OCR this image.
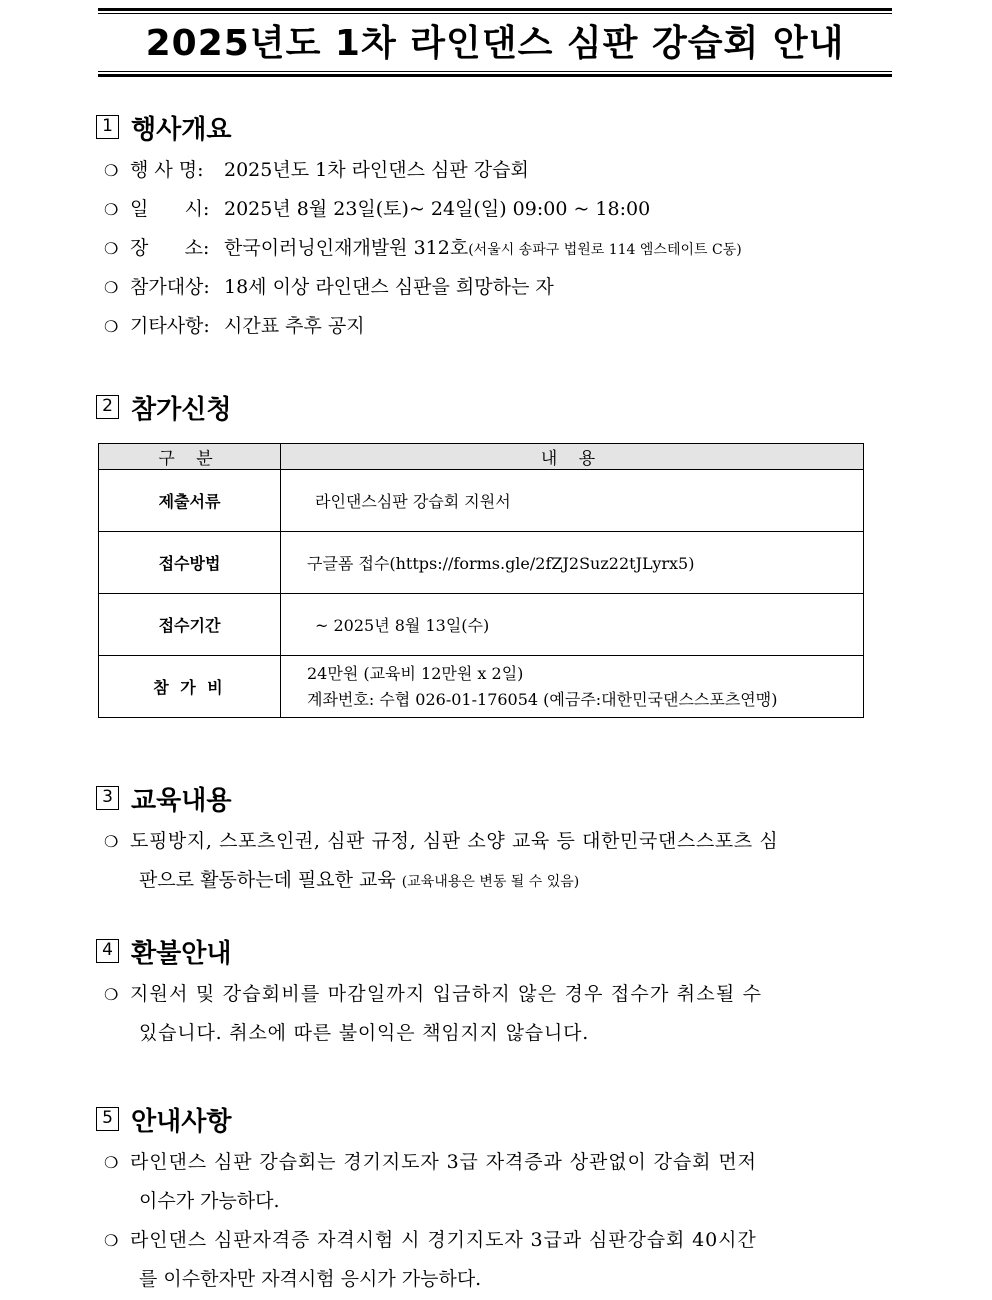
2025년도 1차 라인댄스 심판 강습회 안내
1 행사개요
❍ 행 사 명: 2025년도 1차 라인댄스 심판 강습회
❍ 일      시: 2025년 8월 23일(토)~ 24일(일) 09:00 ~ 18:00
❍ 장      소: 한국이러닝인재개발원 312호(서울시 송파구 법원로 114 엠스테이트 C동)
❍ 참가대상: 18세 이상 라인댄스 심판을 희망하는 자
❍ 기타사항: 시간표 추후 공지
2 참가신청
구 분	내 용
제출서류	라인댄스심판 강습회 지원서
접수방법	구글폼 접수(https://forms.gle/2fZJ2Suz22tJLyrx5)
접수기간	~ 2025년 8월 13일(수)
참 가 비	24만원 (교육비 12만원 x 2일)
계좌번호: 수협 026-01-176054 (예금주:대한민국댄스스포츠연맹)
3 교육내용
❍ 도핑방지, 스포츠인권, 심판 규정, 심판 소양 교육 등 대한민국댄스스포츠 심
판으로 활동하는데 필요한 교육 (교육내용은 변동 될 수 있음)
4 환불안내
❍ 지원서 및 강습회비를 마감일까지 입금하지 않은 경우 접수가 취소될 수
있습니다. 취소에 따른 불이익은 책임지지 않습니다.
5 안내사항
❍ 라인댄스 심판 강습회는 경기지도자 3급 자격증과 상관없이 강습회 먼저
이수가 가능하다.
❍ 라인댄스 심판자격증 자격시험 시 경기지도자 3급과 심판강습회 40시간
를 이수한자만 자격시험 응시가 가능하다.
